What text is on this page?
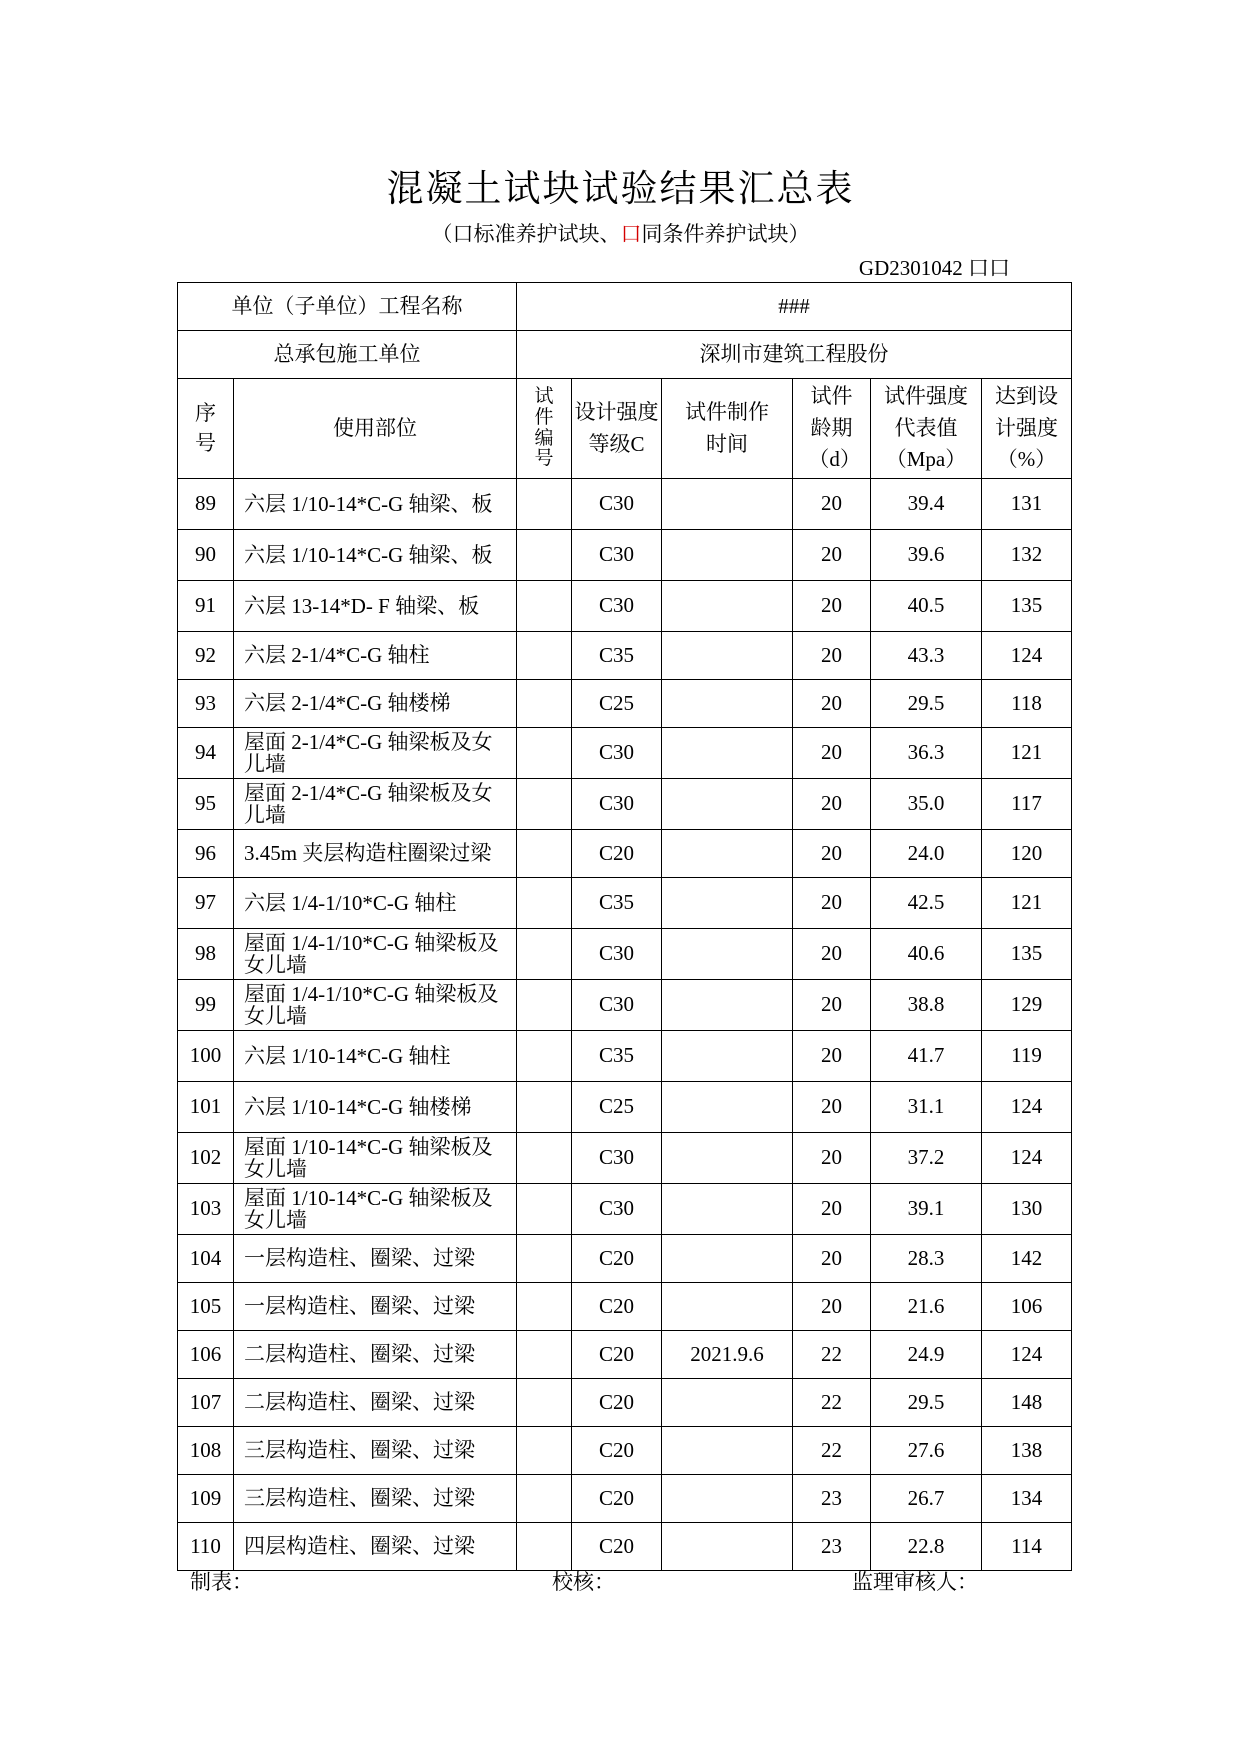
混凝土试块试验结果汇总表
（口标准养护试块、口同条件养护试块）
GD2301042 口口
单位（子单位）工程名称		###					
总承包施工单位		深圳市建筑工程股份					

序号	使用部位	试件编号	设计强度等级C	试件制作时间	试件龄期（d）	试件强度代表值（Mpa）	达到设计强度（%）

89	六层 1/10-14*C-G 轴梁、板		C30		20	39.4	131
90	六层 1/10-14*C-G 轴梁、板		C30		20	39.6	132
91	六层 13-14*D- F 轴梁、板		C30		20	40.5	135
92	六层 2-1/4*C-G 轴柱		C35		20	43.3	124
93	六层 2-1/4*C-G 轴楼梯		C25		20	29.5	118
94	屋面 2-1/4*C-G 轴梁板及女儿墙		C30		20	36.3	121
95	屋面 2-1/4*C-G 轴梁板及女儿墙		C30		20	35.0	117
96	3.45m 夹层构造柱圈梁过梁		C20		20	24.0	120
97	六层 1/4-1/10*C-G 轴柱		C35		20	42.5	121
98	屋面 1/4-1/10*C-G 轴梁板及女儿墙		C30		20	40.6	135
99	屋面 1/4-1/10*C-G 轴梁板及女儿墙		C30		20	38.8	129
100	六层 1/10-14*C-G 轴柱		C35		20	41.7	119
101	六层 1/10-14*C-G 轴楼梯		C25		20	31.1	124
102	屋面 1/10-14*C-G 轴梁板及女儿墙		C30		20	37.2	124
103	屋面 1/10-14*C-G 轴梁板及女儿墙		C30		20	39.1	130
104	一层构造柱、圈梁、过梁		C20		20	28.3	142
105	一层构造柱、圈梁、过梁		C20		20	21.6	106
106	二层构造柱、圈梁、过梁		C20	2021.9.6	22	24.9	124
107	二层构造柱、圈梁、过梁		C20		22	29.5	148
108	三层构造柱、圈梁、过梁		C20		22	27.6	138
109	三层构造柱、圈梁、过梁		C20		23	26.7	134
110	四层构造柱、圈梁、过梁		C20		23	22.8	114
制表：	校核：	监理审核人：
